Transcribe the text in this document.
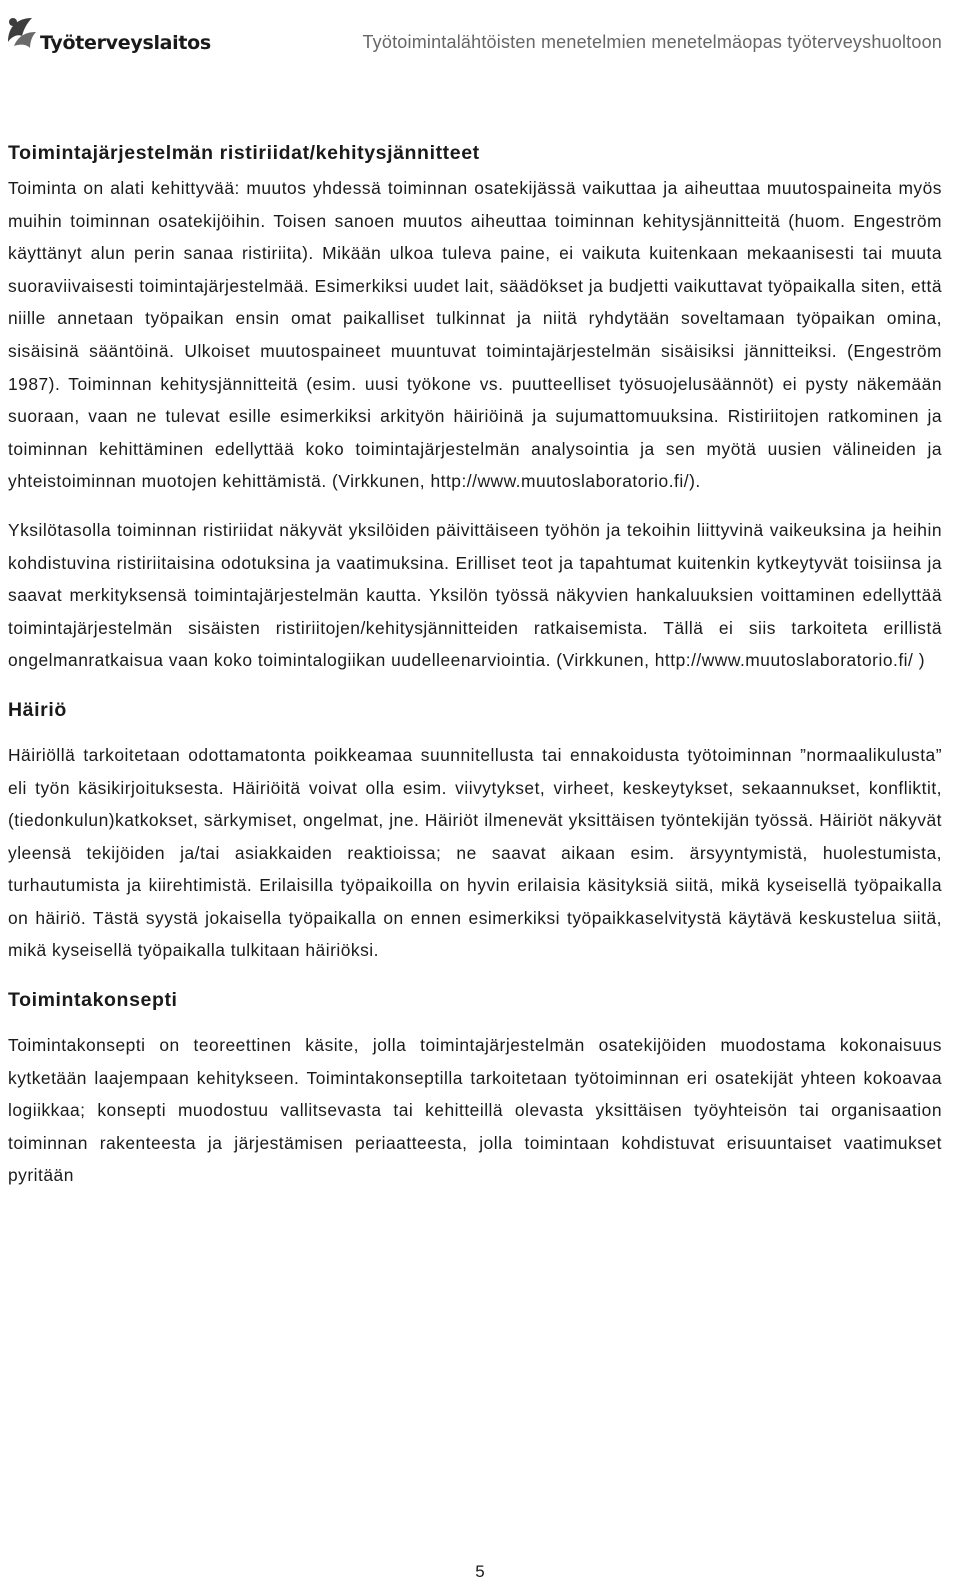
Työterveyslaitos	Työtoimintalähtöisten menetelmien menetelmäopas työterveyshuoltoon
Toimintajärjestelmän ristiriidat/kehitysjännitteet

Toiminta on alati kehittyvää: muutos yhdessä toiminnan osatekijässä vaikuttaa ja aiheuttaa muutospaineita myös muihin toiminnan osatekijöihin. Toisen sanoen muutos aiheuttaa toiminnan kehitysjännitteitä (huom. Engeström käyttänyt alun perin sanaa ristiriita). Mikään ulkoa tuleva paine, ei vaikuta kuitenkaan mekaanisesti tai muuta suoraviivaisesti toimintajärjestelmää. Esimerkiksi uudet lait, säädökset ja budjetti vaikuttavat työpaikalla siten, että niille annetaan työpaikan ensin omat paikalliset tulkinnat ja niitä ryhdytään soveltamaan työpaikan omina, sisäisinä sääntöinä. Ulkoiset muutospaineet muuntuvat toimintajärjestelmän sisäisiksi jännitteiksi. (Engeström 1987). Toiminnan kehitysjännitteitä (esim. uusi työkone vs. puutteelliset työsuojelusäännöt) ei pysty näkemään suoraan, vaan ne tulevat esille esimerkiksi arkityön häiriöinä ja sujumattomuuksina. Ristiriitojen ratkominen ja toiminnan kehittäminen edellyttää koko toimintajärjestelmän analysointia ja sen myötä uusien välineiden ja yhteistoiminnan muotojen kehittämistä. (Virkkunen, http://www.muutoslaboratorio.fi/).

Yksilötasolla toiminnan ristiriidat näkyvät yksilöiden päivittäiseen työhön ja tekoihin liittyvinä vaikeuksina ja heihin kohdistuvina ristiriitaisina odotuksina ja vaatimuksina. Erilliset teot ja tapahtumat kuitenkin kytkeytyvät toisiinsa ja saavat merkityksensä toimintajärjestelmän kautta. Yksilön työssä näkyvien hankaluuksien voittaminen edellyttää toimintajärjestelmän sisäisten ristiriitojen/kehitysjännitteiden ratkaisemista. Tällä ei siis tarkoiteta erillistä ongelmanratkaisua vaan koko toimintalogiikan uudelleenarviointia. (Virkkunen, http://www.muutoslaboratorio.fi/ )

Häiriö

Häiriöllä tarkoitetaan odottamatonta poikkeamaa suunnitellusta tai ennakoidusta työtoiminnan ”normaalikulusta” eli työn käsikirjoituksesta. Häiriöitä voivat olla esim. viivytykset, virheet, keskeytykset, sekaannukset, konfliktit, (tiedonkulun)katkokset, särkymiset, ongelmat, jne. Häiriöt ilmenevät yksittäisen työntekijän työssä. Häiriöt näkyvät yleensä tekijöiden ja/tai asiakkaiden reaktioissa; ne saavat aikaan esim. ärsyyntymistä, huolestumista, turhautumista ja kiirehtimistä. Erilaisilla työpaikoilla on hyvin erilaisia käsityksiä siitä, mikä kyseisellä työpaikalla on häiriö. Tästä syystä jokaisella työpaikalla on ennen esimerkiksi työpaikkaselvitystä käytävä keskustelua siitä, mikä kyseisellä työpaikalla tulkitaan häiriöksi.

Toimintakonsepti

Toimintakonsepti on teoreettinen käsite, jolla toimintajärjestelmän osatekijöiden muodostama kokonaisuus kytketään laajempaan kehitykseen. Toimintakonseptilla tarkoitetaan työtoiminnan eri osatekijät yhteen kokoavaa logiikkaa; konsepti muodostuu vallitsevasta tai kehitteillä olevasta yksittäisen työyhteisön tai organisaation toiminnan rakenteesta ja järjestämisen periaatteesta, jolla toimintaan kohdistuvat erisuuntaiset vaatimukset pyritään

5
